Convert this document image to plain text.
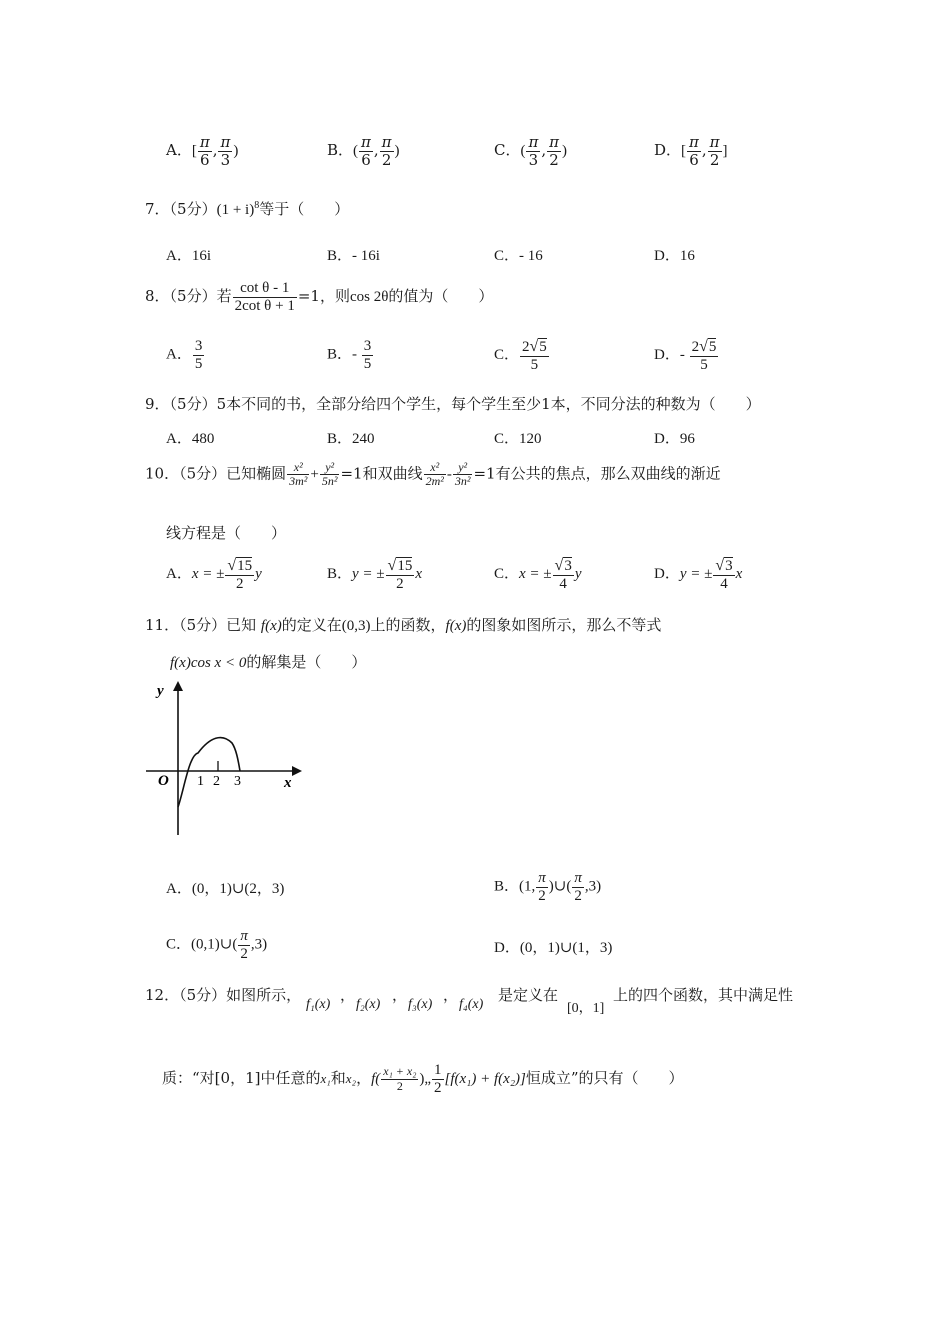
A．[ $\frac{\pi}{6}$ , $\frac{\pi}{3}$ )	B．( $\frac{\pi}{6}$ , $\frac{\pi}{2}$ )	C．( $\frac{\pi}{3}$ , $\frac{\pi}{2}$ )	D．[ $\frac{\pi}{6}$ , $\frac{\pi}{2}$ ]
7．（5分）$(1 + i)^8$等于（　　）
A．16i	B．- 16i	C．- 16	D．16
8．（5分）若 $\frac{\text{cot θ - 1}}{\text{2cot θ + 1}} =1$，则cos 2θ的值为（　　）
A． $\frac{3}{5}$	B．- $\frac{3}{5}$	C． $\frac{2√5}{5}$	D．- $\frac{2√5}{5}$
9．（5分）5本不同的书，全部分给四个学生，每个学生至少1本，不同分法的种数为（　　）
A．480	B．240	C．120	D．96
10．（5分）已知椭圆 $\frac{\text{x²}}{\text{3m²}} + \frac{\text{y²}}{\text{5n²}} =1$和双曲线 $\frac{\text{x²}}{\text{2m²}} - \frac{\text{y²}}{\text{3n²}} =1$有公共的焦点，那么双曲线的渐近
线方程是（　　）
A．x = ± $\frac{√15}{2}$ y	B．y = ± $\frac{√15}{2}$ x	C．x = ± $\frac{√3}{4}$ y	D．y = ± $\frac{√3}{4}$ x
11．（5分）已知 f(x)的定义在(0,3)上的函数，f(x)的图象如图所示，那么不等式
f(x)cos x < 0的解集是（　　）
y
O 1 2 3	x
A．(0，1)∪(2，3)	B．(1, $\frac{\pi}{2}$ )∪( $\frac{\pi}{2} ,3$)
C．(0,1)∪( $\frac{\pi}{2} ,3$)	D．(0，1)∪(1，3)
12．（5分）如图所示，
f₁(x)
，
f₂(x)
，
f₃(x)
，
f₄(x)
是定义在
[0，1]
上的四个函数，其中满足性
质：“对[0，1]中任意的x₁和x₂，$f( \frac{\text{x₁ + x₂}}{2}$ )„ $\frac{1}{2} [f(x_1) + f(x_2)]$恒成立”的只有（　　）
